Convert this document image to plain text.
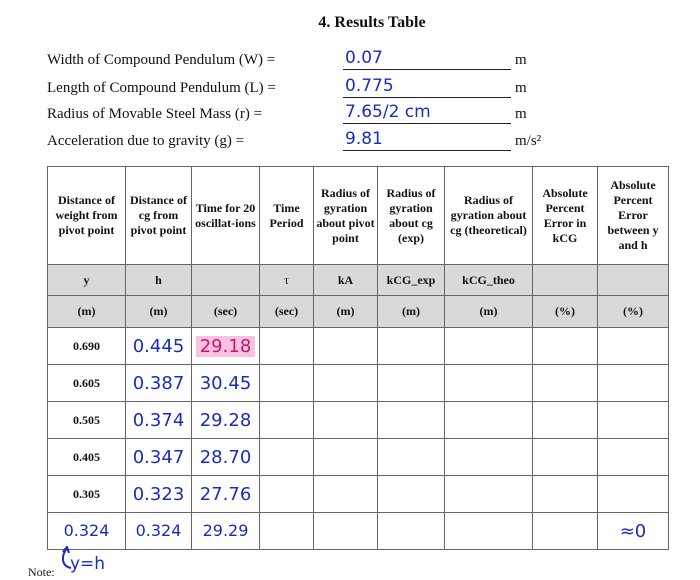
4. Results Table
Width of Compound Pendulum (W) =	0.07	m
Length of Compound Pendulum (L) =	0.775	m
Radius of Movable Steel Mass (r) =	7.65/2 cm	m
Acceleration due to gravity (g) =	9.81	m/s²
Distance of weight from pivot point	Distance of cg from pivot point	Time for 20 oscillat-ions	Time Period	Radius of gyration about pivot point	Radius of gyration about cg (exp)	Radius of gyration about cg (theoretical)	Absolute Percent Error in kCG	Absolute Percent Error between y and h
y	h		τ	kA	kCG_exp	kCG_theo		
(m)	(m)	(sec)	(sec)	(m)	(m)	(m)	(%)	(%)
0.690	0.445	29.18						
0.605	0.387	30.45						
0.505	0.374	29.28						
0.405	0.347	28.70						
0.305	0.323	27.76						
0.324	0.324	29.29						≈0
y=h
Note:
